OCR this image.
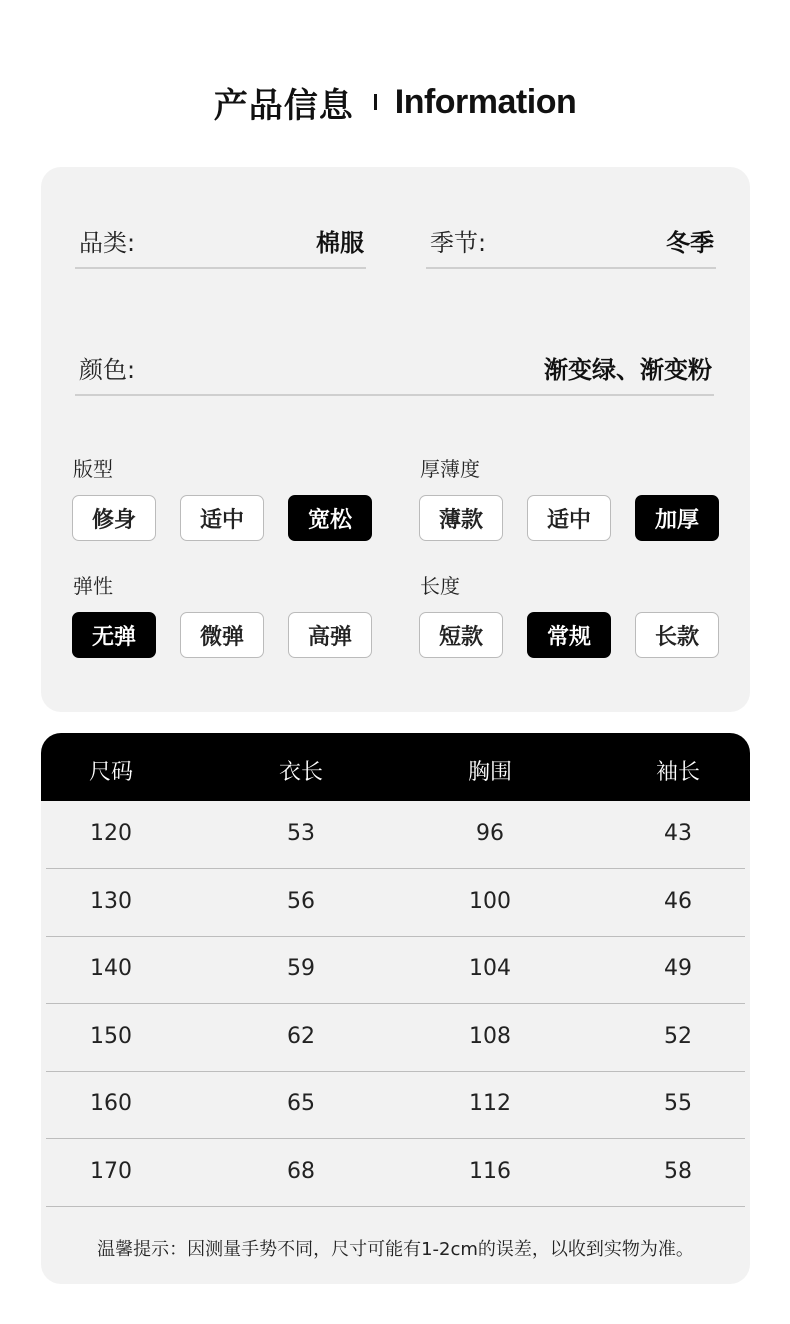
产品信息 Information
品类:	棉服	季节:	冬季
颜色:	渐变绿、渐变粉
版型
修身	适中	宽松
厚薄度
薄款	适中	加厚
弹性
无弹	微弹	高弹
长度
短款	常规	长款
尺码	衣长	胸围	袖长
120	53	96	43
130	56	100	46
140	59	104	49
150	62	108	52
160	65	112	55
170	68	116	58
温馨提示：因测量手势不同，尺寸可能有1-2cm的误差，以收到实物为准。
